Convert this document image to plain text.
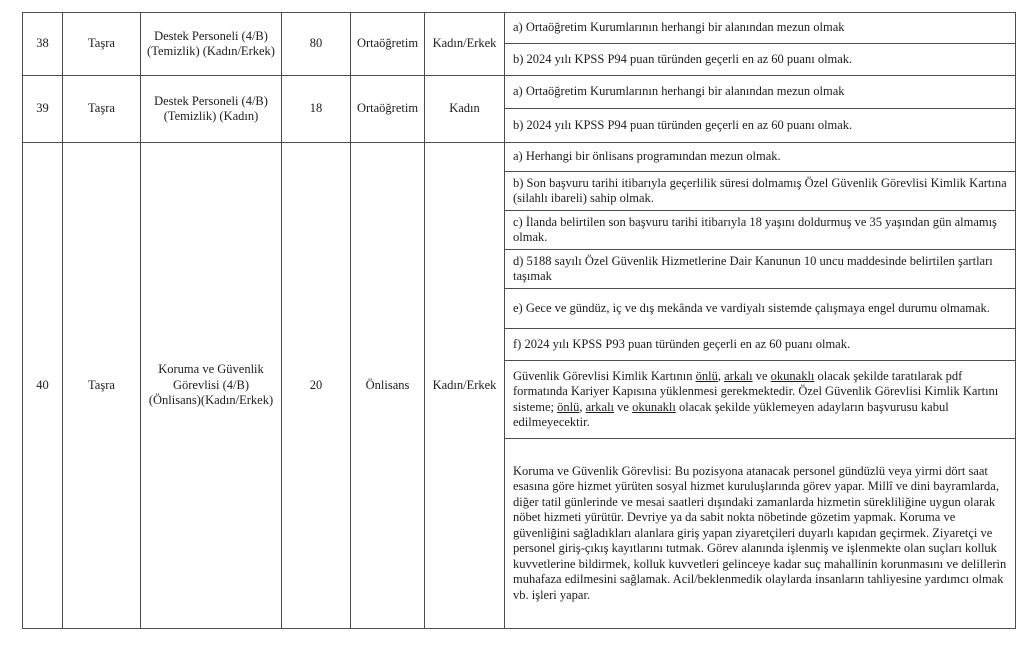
38	Taşra	Destek Personeli (4/B) (Temizlik) (Kadın/Erkek)	80	Ortaöğretim	Kadın/Erkek	a) Ortaöğretim Kurumlarının herhangi bir alanından mezun olmak
b) 2024 yılı KPSS P94 puan türünden geçerli en az 60 puanı olmak.

39	Taşra	Destek Personeli (4/B) (Temizlik) (Kadın)	18	Ortaöğretim	Kadın	a) Ortaöğretim Kurumlarının herhangi bir alanından mezun olmak
b) 2024 yılı KPSS P94 puan türünden geçerli en az 60 puanı olmak.

40	Taşra	Koruma ve Güvenlik Görevlisi (4/B) (Önlisans)(Kadın/Erkek)	20	Önlisans	Kadın/Erkek	
a) Herhangi bir önlisans programından mezun olmak.
b) Son başvuru tarihi itibarıyla geçerlilik süresi dolmamış Özel Güvenlik Görevlisi Kimlik Kartına (silahlı ibareli) sahip olmak.
c) İlanda belirtilen son başvuru tarihi itibarıyla 18 yaşını doldurmuş ve 35 yaşından gün almamış olmak.
d) 5188 sayılı Özel Güvenlik Hizmetlerine Dair Kanunun 10 uncu maddesinde belirtilen şartları taşımak
e) Gece ve gündüz, iç ve dış mekânda ve vardiyalı sistemde çalışmaya engel durumu olmamak.
f) 2024 yılı KPSS P93 puan türünden geçerli en az 60 puanı olmak.

Güvenlik Görevlisi Kimlik Kartının önlü, arkalı ve okunaklı olacak şekilde taratılarak pdf formatında Kariyer Kapısına yüklenmesi gerekmektedir. Özel Güvenlik Görevlisi Kimlik Kartını sisteme; önlü, arkalı ve okunaklı olacak şekilde yüklemeyen adayların başvurusu kabul edilmeyecektir.

Koruma ve Güvenlik Görevlisi: Bu pozisyona atanacak personel gündüzlü veya yirmi dört saat esasına göre hizmet yürüten sosyal hizmet kuruluşlarında görev yapar. Millî ve dini bayramlarda, diğer tatil günlerinde ve mesai saatleri dışındaki zamanlarda hizmetin sürekliliğine uygun olarak nöbet hizmeti yürütür. Devriye ya da sabit nokta nöbetinde gözetim yapmak. Koruma ve güvenliğini sağladıkları alanlara giriş yapan ziyaretçileri duyarlı kapıdan geçirmek. Ziyaretçi ve personel giriş-çıkış kayıtlarını tutmak. Görev alanında işlenmiş ve işlenmekte olan suçları kolluk kuvvetlerine bildirmek, kolluk kuvvetleri gelinceye kadar suç mahallinin korunmasını ve delillerin muhafaza edilmesini sağlamak. Acil/beklenmedik olaylarda insanların tahliyesine yardımcı olmak vb. işleri yapar.
